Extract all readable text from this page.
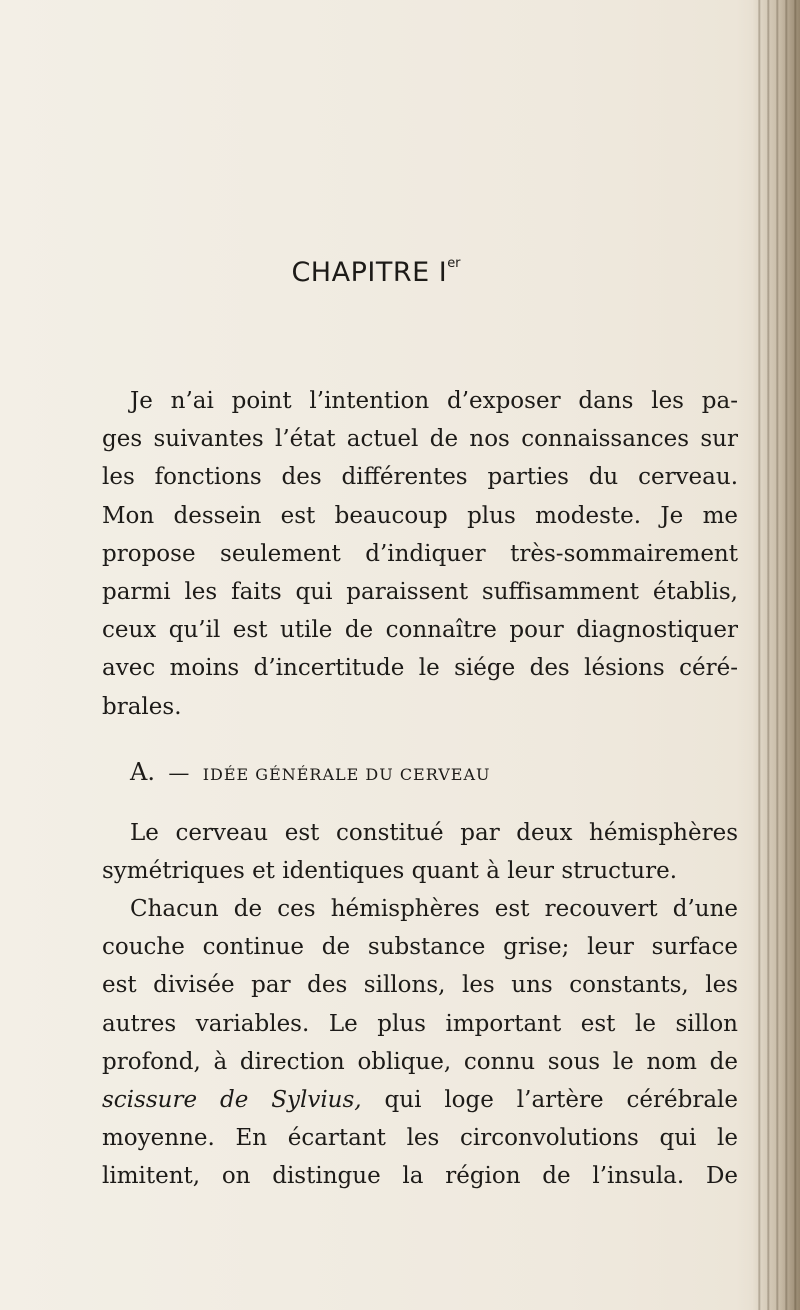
CHAPITRE Ier
Je n’ai point l’intention d’exposer dans les pa-
ges suivantes l’état actuel de nos connaissances sur
les fonctions des différentes parties du cerveau.
Mon dessein est beaucoup plus modeste. Je me
propose seulement d’indiquer très-sommairement
parmi les faits qui paraissent suffisamment établis,
ceux qu’il est utile de connaître pour diagnostiquer
avec moins d’incertitude le siége des lésions céré-
brales.
A. — IDÉE GÉNÉRALE DU CERVEAU
Le cerveau est constitué par deux hémisphères
symétriques et identiques quant à leur structure.
Chacun de ces hémisphères est recouvert d’une
couche continue de substance grise; leur surface
est divisée par des sillons, les uns constants, les
autres variables. Le plus important est le sillon
profond, à direction oblique, connu sous le nom de
scissure de Sylvius, qui loge l’artère cérébrale
moyenne. En écartant les circonvolutions qui le
limitent, on distingue la région de l’insula. De
